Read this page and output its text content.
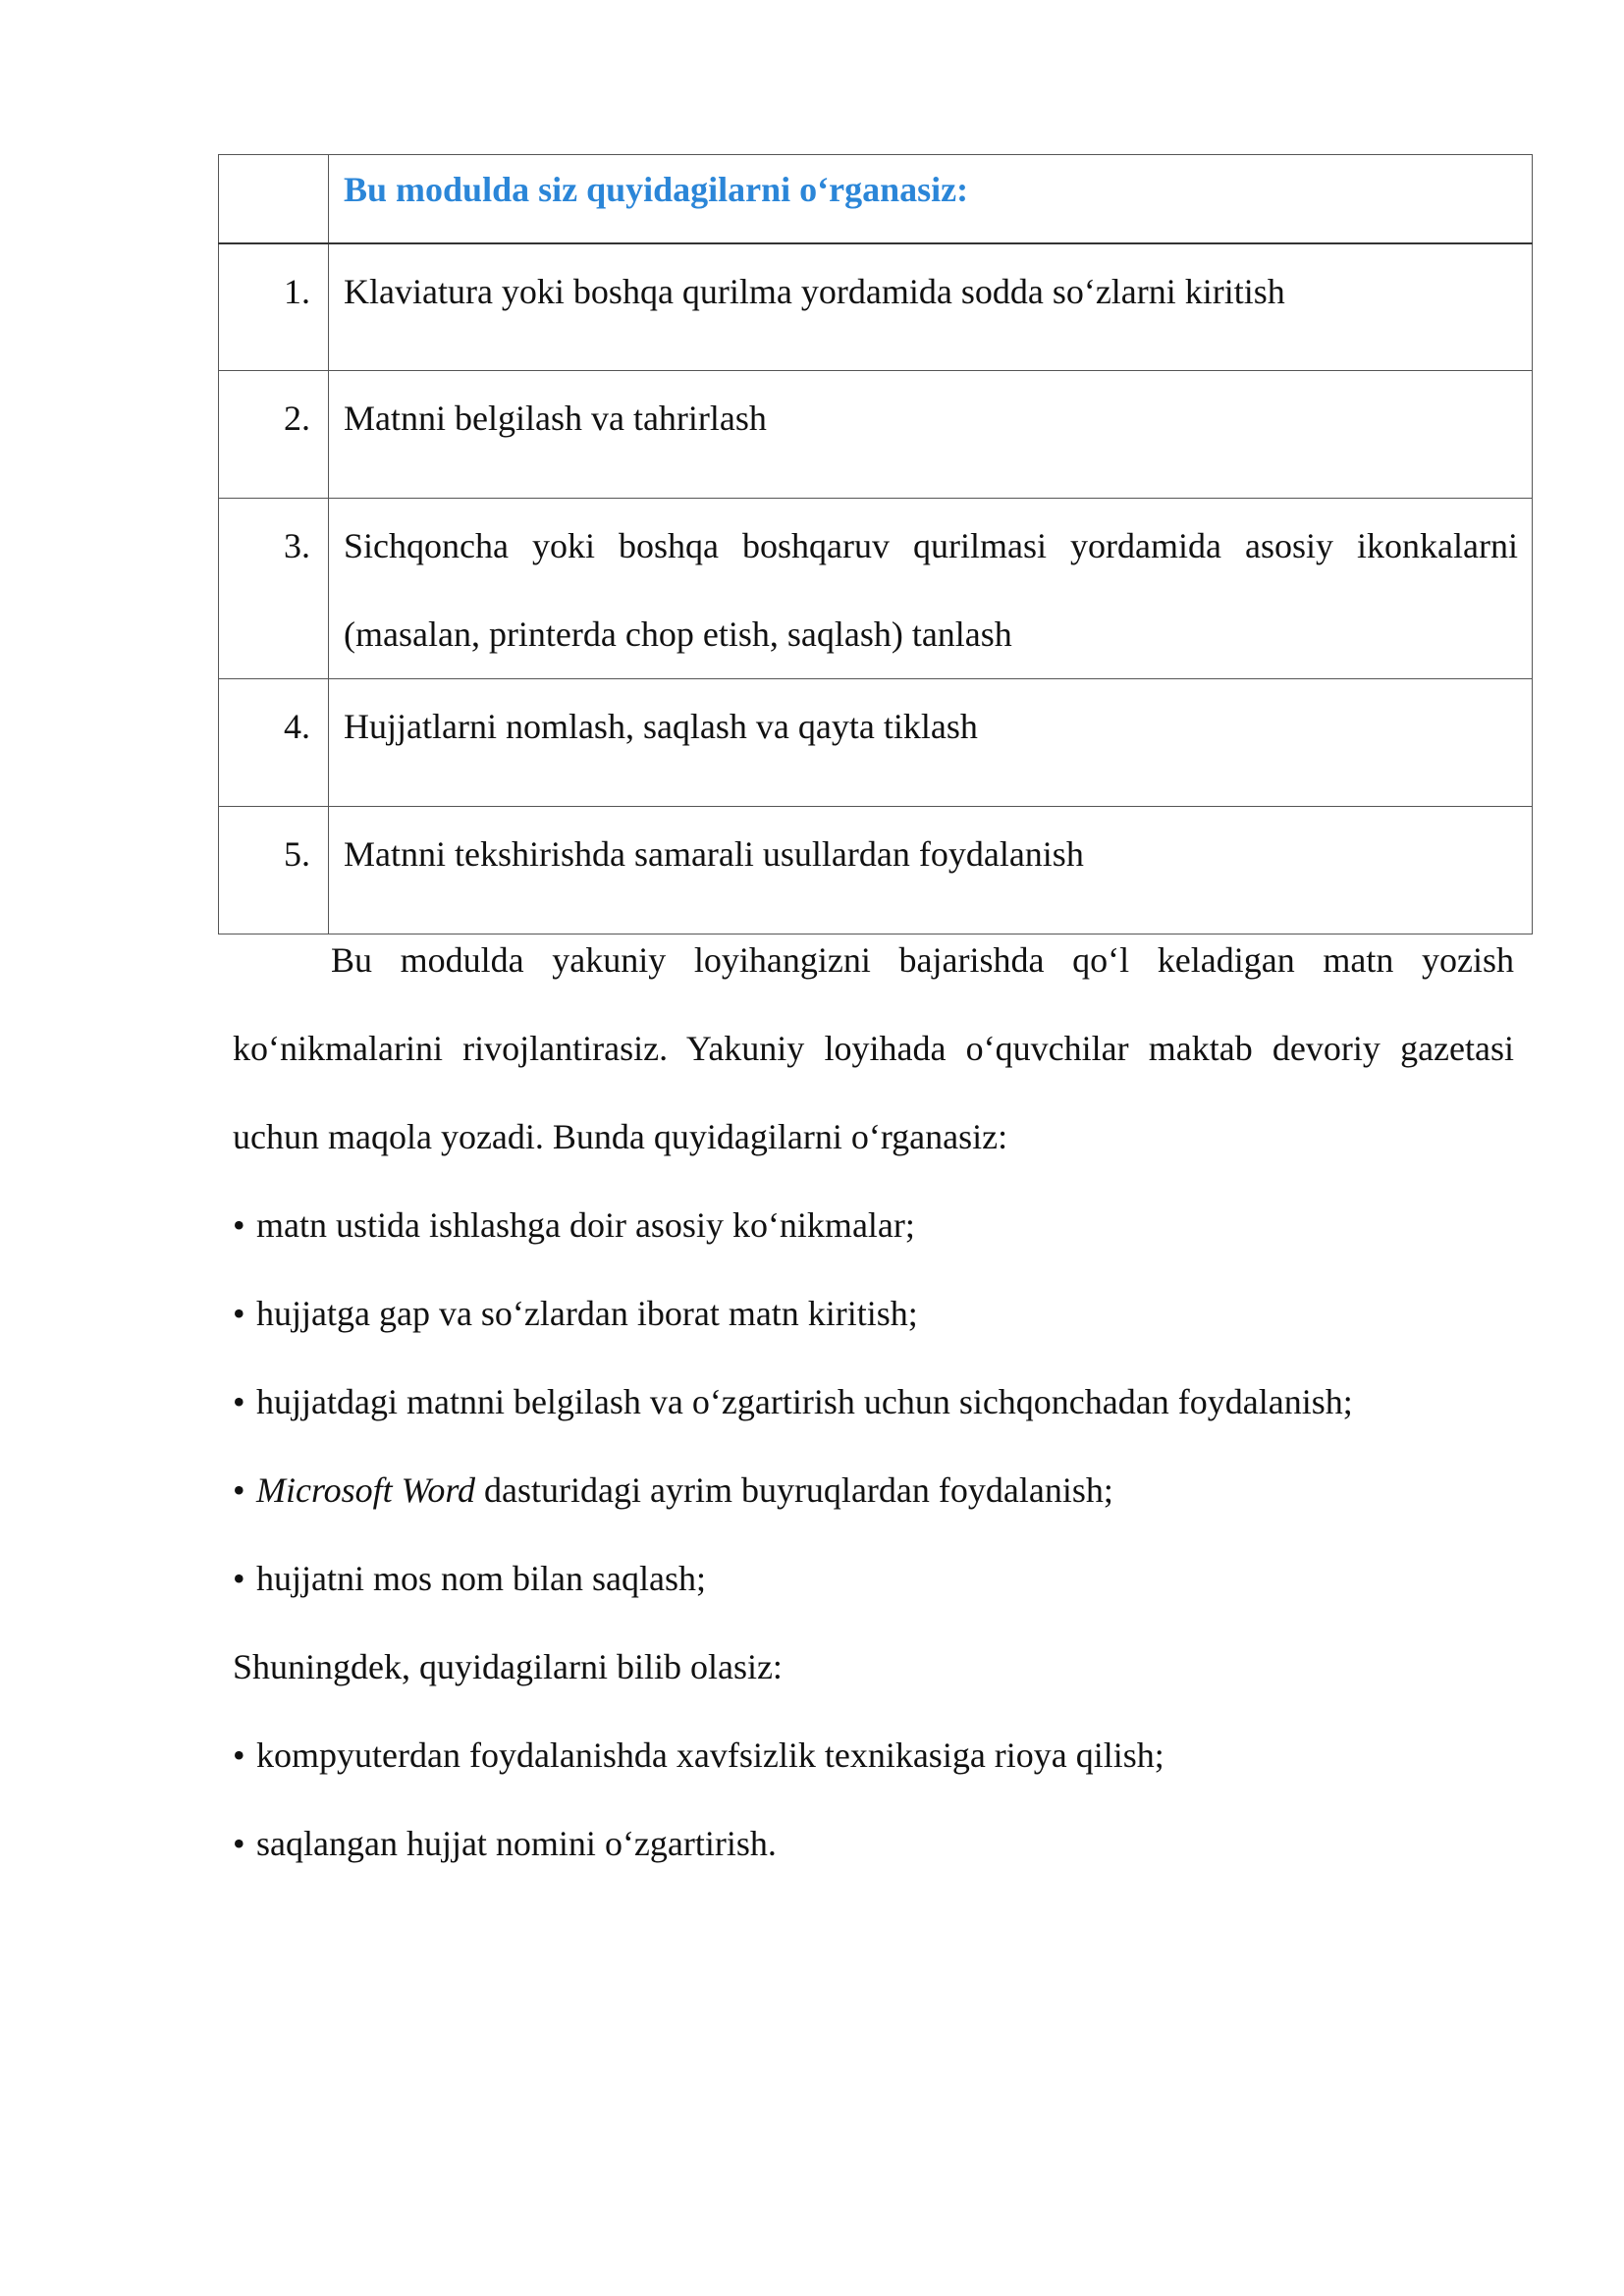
	Bu modulda siz quyidagilarni o‘rganasiz:

1.	Klaviatura yoki boshqa qurilma yordamida sodda so‘zlarni kiritish
2.	Matnni belgilash va tahrirlash
3.	Sichqoncha yoki boshqa boshqaruv qurilmasi yordamida asosiy ikonkalarni (masalan, printerda chop etish, saqlash) tanlash
4.	Hujjatlarni nomlash, saqlash va qayta tiklash
5.	Matnni tekshirishda samarali usullardan foydalanish

Bu modulda yakuniy loyihangizni bajarishda qo‘l keladigan matn yozish ko‘nikmalarini rivojlantirasiz. Yakuniy loyihada o‘quvchilar maktab devoriy gazetasi uchun maqola yozadi. Bunda quyidagilarni o‘rganasiz:

• matn ustida ishlashga doir asosiy ko‘nikmalar;

• hujjatga gap va so‘zlardan iborat matn kiritish;

• hujjatdagi matnni belgilash va o‘zgartirish uchun sichqonchadan foydalanish;

• Microsoft Word dasturidagi ayrim buyruqlardan foydalanish;

• hujjatni mos nom bilan saqlash;

Shuningdek, quyidagilarni bilib olasiz:

• kompyuterdan foydalanishda xavfsizlik texnikasiga rioya qilish;

• saqlangan hujjat nomini o‘zgartirish.
